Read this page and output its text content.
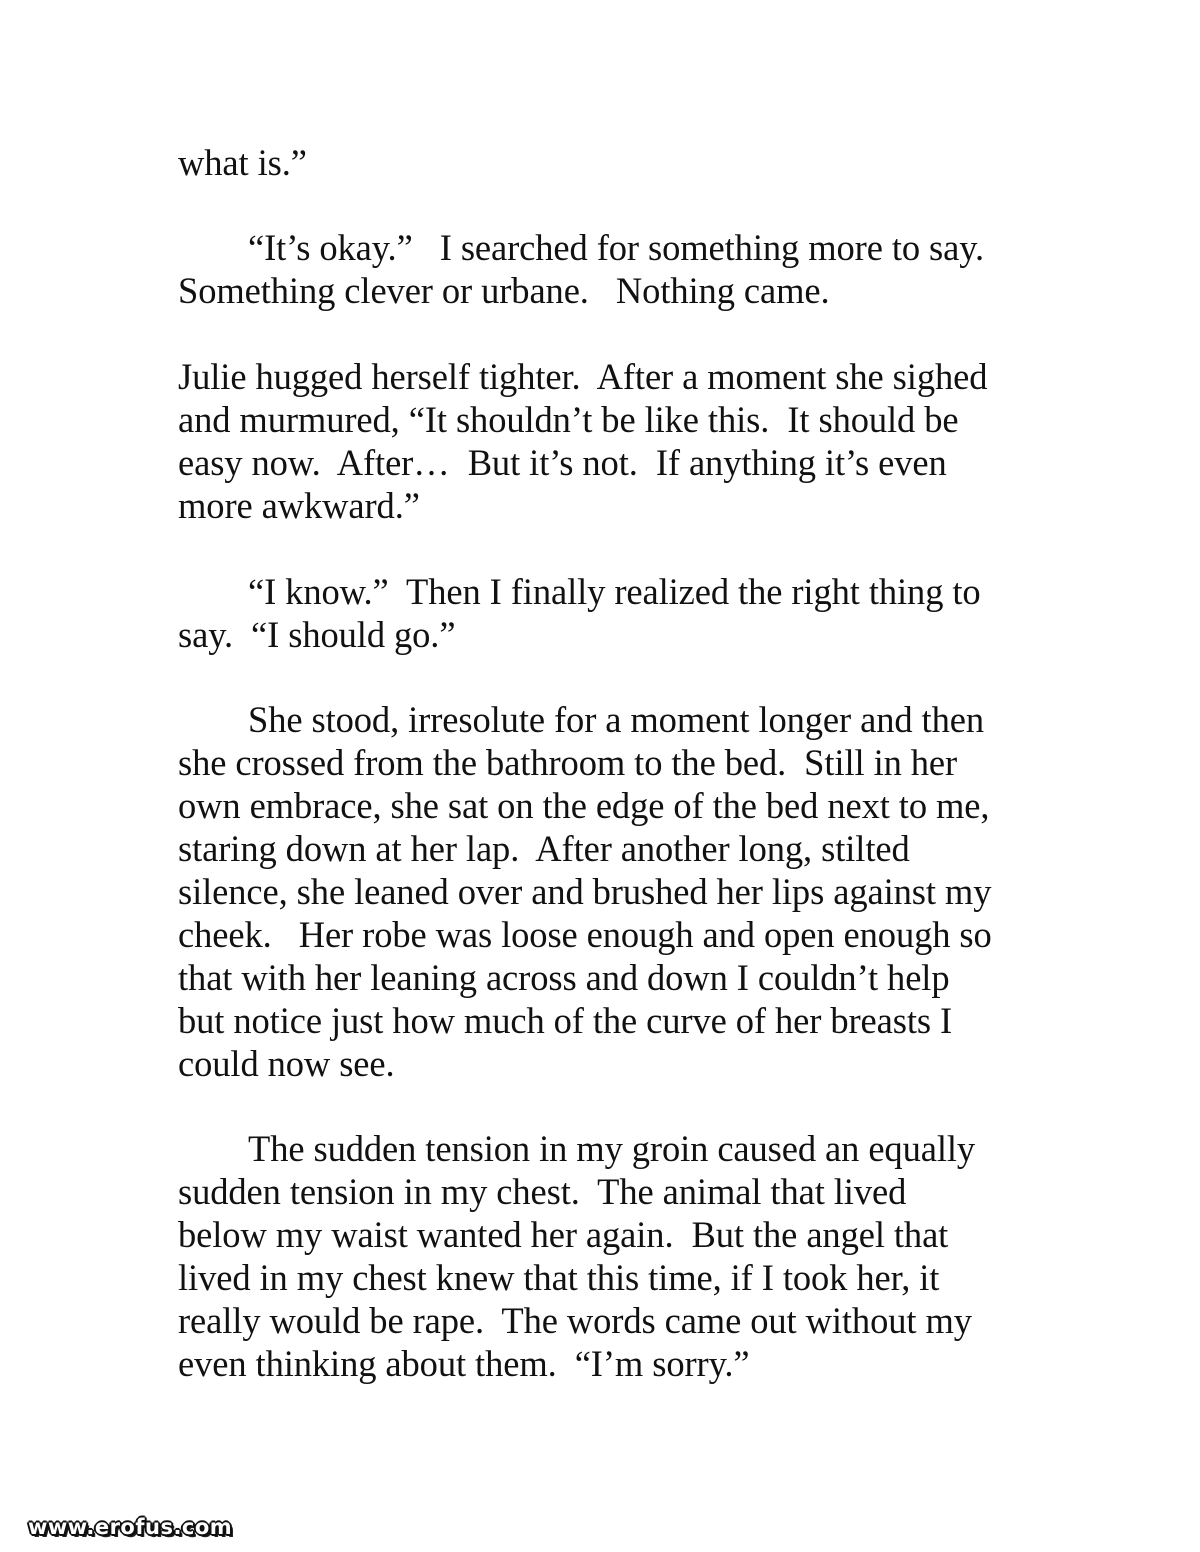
what is.”
“It’s okay.”   I searched for something more to say.
Something clever or urbane.   Nothing came.
Julie hugged herself tighter.  After a moment she sighed
and murmured, “It shouldn’t be like this.  It should be
easy now.  After…  But it’s not.  If anything it’s even
more awkward.”
“I know.”  Then I finally realized the right thing to
say.  “I should go.”
She stood, irresolute for a moment longer and then
she crossed from the bathroom to the bed.  Still in her
own embrace, she sat on the edge of the bed next to me,
staring down at her lap.  After another long, stilted
silence, she leaned over and brushed her lips against my
cheek.   Her robe was loose enough and open enough so
that with her leaning across and down I couldn’t help
but notice just how much of the curve of her breasts I
could now see.
The sudden tension in my groin caused an equally
sudden tension in my chest.  The animal that lived
below my waist wanted her again.  But the angel that
lived in my chest knew that this time, if I took her, it
really would be rape.  The words came out without my
even thinking about them.  “I’m sorry.”
www.erofus.com
